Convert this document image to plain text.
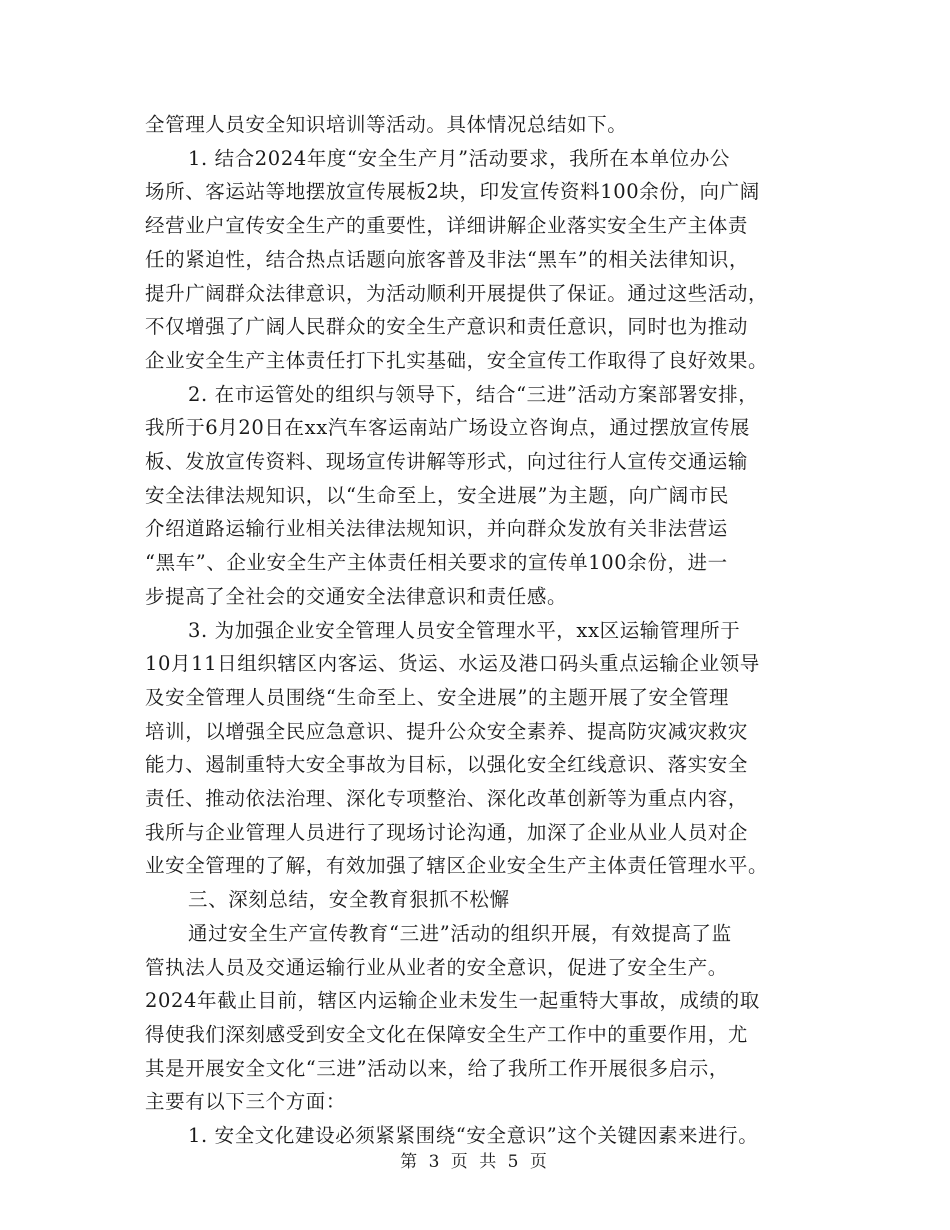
全管理人员安全知识培训等活动。具体情况总结如下。
1. 结合2024年度“安全生产月”活动要求，我所在本单位办公
场所、客运站等地摆放宣传展板2块，印发宣传资料100余份，向广阔
经营业户宣传安全生产的重要性，详细讲解企业落实安全生产主体责
任的紧迫性，结合热点话题向旅客普及非法“黑车”的相关法律知识，
提升广阔群众法律意识，为活动顺利开展提供了保证。通过这些活动，
不仅增强了广阔人民群众的安全生产意识和责任意识，同时也为推动
企业安全生产主体责任打下扎实基础，安全宣传工作取得了良好效果。
2. 在市运管处的组织与领导下，结合“三进”活动方案部署安排，
我所于6月20日在xx汽车客运南站广场设立咨询点，通过摆放宣传展
板、发放宣传资料、现场宣传讲解等形式，向过往行人宣传交通运输
安全法律法规知识，以“生命至上，安全进展”为主题，向广阔市民
介绍道路运输行业相关法律法规知识，并向群众发放有关非法营运
“黑车”、企业安全生产主体责任相关要求的宣传单100余份，进一
步提高了全社会的交通安全法律意识和责任感。
3. 为加强企业安全管理人员安全管理水平，xx区运输管理所于
10月11日组织辖区内客运、货运、水运及港口码头重点运输企业领导
及安全管理人员围绕“生命至上、安全进展”的主题开展了安全管理
培训，以增强全民应急意识、提升公众安全素养、提高防灾减灾救灾
能力、遏制重特大安全事故为目标，以强化安全红线意识、落实安全
责任、推动依法治理、深化专项整治、深化改革创新等为重点内容，
我所与企业管理人员进行了现场讨论沟通，加深了企业从业人员对企
业安全管理的了解，有效加强了辖区企业安全生产主体责任管理水平。
三、深刻总结，安全教育狠抓不松懈
通过安全生产宣传教育“三进”活动的组织开展，有效提高了监
管执法人员及交通运输行业从业者的安全意识，促进了安全生产。
2024年截止目前，辖区内运输企业未发生一起重特大事故，成绩的取
得使我们深刻感受到安全文化在保障安全生产工作中的重要作用，尤
其是开展安全文化“三进”活动以来，给了我所工作开展很多启示，
主要有以下三个方面：
1. 安全文化建设必须紧紧围绕“安全意识”这个关键因素来进行。
第 3 页 共 5 页
